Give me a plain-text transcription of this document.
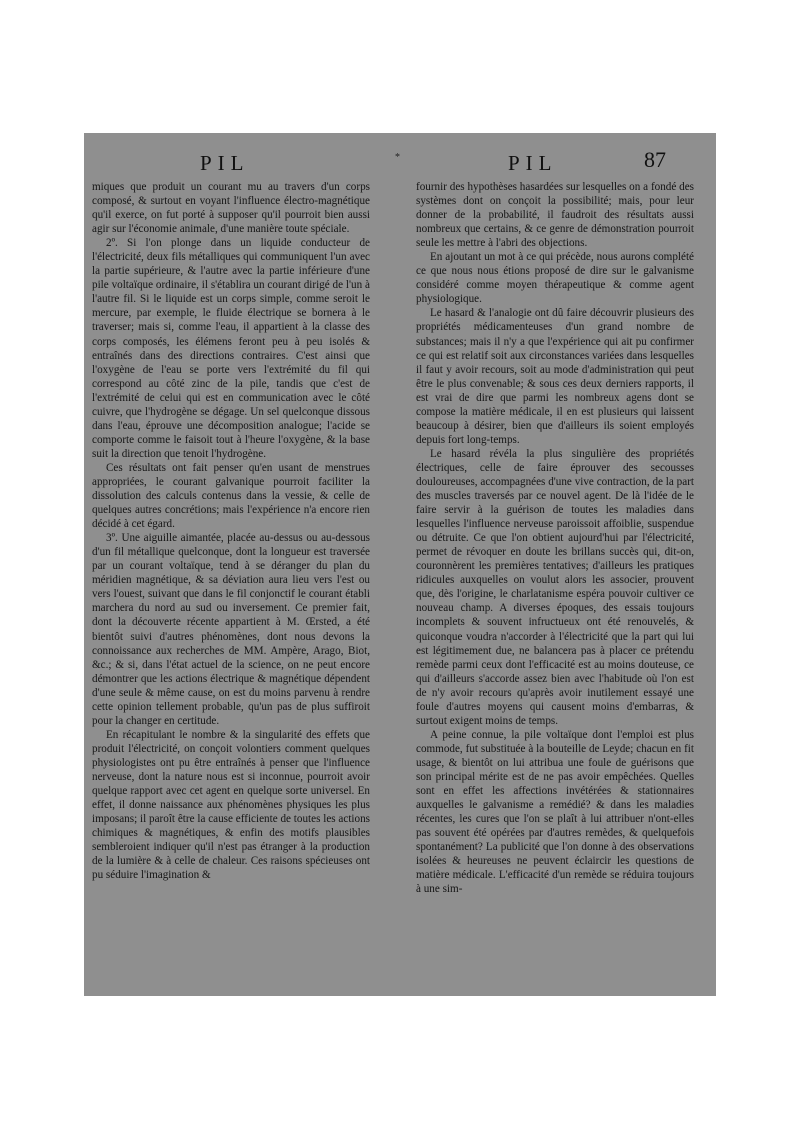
PIL	*	PIL	87

miques que produit un courant mu au travers d'un corps composé, & surtout en voyant l'influence électro-magnétique qu'il exerce, on fut porté à supposer qu'il pourroit bien aussi agir sur l'économie animale, d'une manière toute spéciale.

2º. Si l'on plonge dans un liquide conducteur de l'électricité, deux fils métalliques qui communiquent l'un avec la partie supérieure, & l'autre avec la partie inférieure d'une pile voltaïque ordinaire, il s'établira un courant dirigé de l'un à l'autre fil. Si le liquide est un corps simple, comme seroit le mercure, par exemple, le fluide électrique se bornera à le traverser; mais si, comme l'eau, il appartient à la classe des corps composés, les élémens feront peu à peu isolés & entraînés dans des directions contraires. C'est ainsi que l'oxygène de l'eau se porte vers l'extrémité du fil qui correspond au côté zinc de la pile, tandis que c'est de l'extrémité de celui qui est en communication avec le côté cuivre, que l'hydrogène se dégage. Un sel quelconque dissous dans l'eau, éprouve une décomposition analogue; l'acide se comporte comme le faisoit tout à l'heure l'oxygène, & la base suit la direction que tenoit l'hydrogène.

Ces résultats ont fait penser qu'en usant de menstrues appropriées, le courant galvanique pourroit faciliter la dissolution des calculs contenus dans la vessie, & celle de quelques autres concrétions; mais l'expérience n'a encore rien décidé à cet égard.

3º. Une aiguille aimantée, placée au-dessus ou au-dessous d'un fil métallique quelconque, dont la longueur est traversée par un courant voltaïque, tend à se déranger du plan du méridien magnétique, & sa déviation aura lieu vers l'est ou vers l'ouest, suivant que dans le fil conjonctif le courant établi marchera du nord au sud ou inversement. Ce premier fait, dont la découverte récente appartient à M. Œrsted, a été bientôt suivi d'autres phénomènes, dont nous devons la connoissance aux recherches de MM. Ampère, Arago, Biot, &c.; & si, dans l'état actuel de la science, on ne peut encore démontrer que les actions électrique & magnétique dépendent d'une seule & même cause, on est du moins parvenu à rendre cette opinion tellement probable, qu'un pas de plus suffiroit pour la changer en certitude.

En récapitulant le nombre & la singularité des effets que produit l'électricité, on conçoit volontiers comment quelques physiologistes ont pu être entraînés à penser que l'influence nerveuse, dont la nature nous est si inconnue, pourroit avoir quelque rapport avec cet agent en quelque sorte universel. En effet, il donne naissance aux phénomènes physiques les plus imposans; il paroît être la cause efficiente de toutes les actions chimiques & magnétiques, & enfin des motifs plausibles sembleroient indiquer qu'il n'est pas étranger à la production de la lumière & à celle de chaleur. Ces raisons spécieuses ont pu séduire l'imagination &

fournir des hypothèses hasardées sur lesquelles on a fondé des systèmes dont on conçoit la possibilité; mais, pour leur donner de la probabilité, il faudroit des résultats aussi nombreux que certains, & ce genre de démonstration pourroit seule les mettre à l'abri des objections.

En ajoutant un mot à ce qui précède, nous aurons complété ce que nous nous étions proposé de dire sur le galvanisme considéré comme moyen thérapeutique & comme agent physiologique.

Le hasard & l'analogie ont dû faire découvrir plusieurs des propriétés médicamenteuses d'un grand nombre de substances; mais il n'y a que l'expérience qui ait pu confirmer ce qui est relatif soit aux circonstances variées dans lesquelles il faut y avoir recours, soit au mode d'administration qui peut être le plus convenable; & sous ces deux derniers rapports, il est vrai de dire que parmi les nombreux agens dont se compose la matière médicale, il en est plusieurs qui laissent beaucoup à désirer, bien que d'ailleurs ils soient employés depuis fort long-temps.

Le hasard révéla la plus singulière des propriétés électriques, celle de faire éprouver des secousses douloureuses, accompagnées d'une vive contraction, de la part des muscles traversés par ce nouvel agent. De là l'idée de le faire servir à la guérison de toutes les maladies dans lesquelles l'influence nerveuse paroissoit affoiblie, suspendue ou détruite. Ce que l'on obtient aujourd'hui par l'électricité, permet de révoquer en doute les brillans succès qui, dit-on, couronnèrent les premières tentatives; d'ailleurs les pratiques ridicules auxquelles on voulut alors les associer, prouvent que, dès l'origine, le charlatanisme espéra pouvoir cultiver ce nouveau champ. A diverses époques, des essais toujours incomplets & souvent infructueux ont été renouvelés, & quiconque voudra n'accorder à l'électricité que la part qui lui est légitimement due, ne balancera pas à placer ce prétendu remède parmi ceux dont l'efficacité est au moins douteuse, ce qui d'ailleurs s'accorde assez bien avec l'habitude où l'on est de n'y avoir recours qu'après avoir inutilement essayé une foule d'autres moyens qui causent moins d'embarras, & surtout exigent moins de temps.

A peine connue, la pile voltaïque dont l'emploi est plus commode, fut substituée à la bouteille de Leyde; chacun en fit usage, & bientôt on lui attribua une foule de guérisons que son principal mérite est de ne pas avoir empêchées. Quelles sont en effet les affections invétérées & stationnaires auxquelles le galvanisme a remédié? & dans les maladies récentes, les cures que l'on se plaît à lui attribuer n'ont-elles pas souvent été opérées par d'autres remèdes, & quelquefois spontanément? La publicité que l'on donne à des observations isolées & heureuses ne peuvent éclaircir les questions de matière médicale. L'efficacité d'un remède se réduira toujours à une sim-
